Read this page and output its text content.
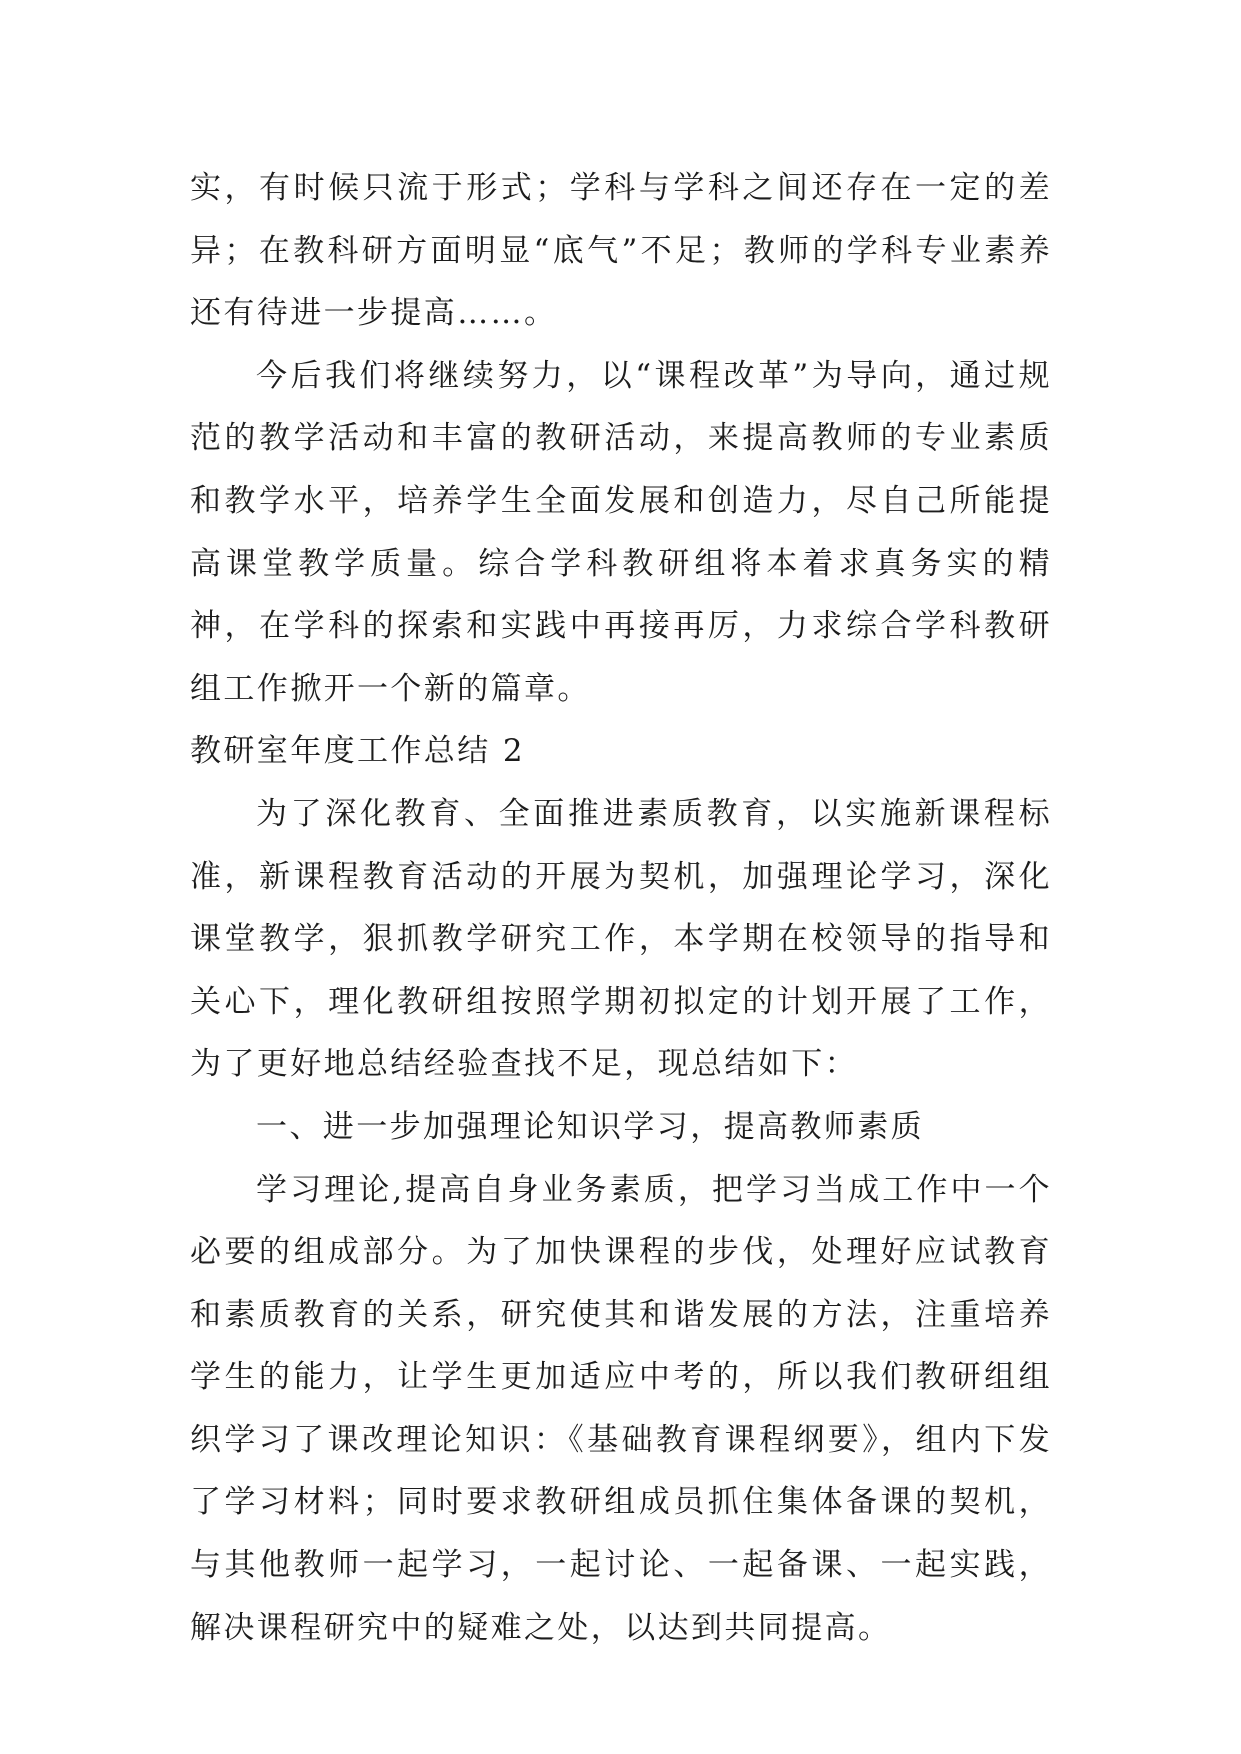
实，有时候只流于形式；学科与学科之间还存在一定的差异；在教科研方面明显“底气”不足；教师的学科专业素养还有待进一步提高……。

今后我们将继续努力，以“课程改革”为导向，通过规范的教学活动和丰富的教研活动，来提高教师的专业素质和教学水平，培养学生全面发展和创造力，尽自己所能提高课堂教学质量。综合学科教研组将本着求真务实的精神，在学科的探索和实践中再接再厉，力求综合学科教研组工作掀开一个新的篇章。

教研室年度工作总结 2

为了深化教育、全面推进素质教育，以实施新课程标准，新课程教育活动的开展为契机，加强理论学习，深化课堂教学，狠抓教学研究工作，本学期在校领导的指导和关心下，理化教研组按照学期初拟定的计划开展了工作，为了更好地总结经验查找不足，现总结如下：

一、进一步加强理论知识学习，提高教师素质

学习理论,提高自身业务素质，把学习当成工作中一个必要的组成部分。为了加快课程的步伐，处理好应试教育和素质教育的关系，研究使其和谐发展的方法，注重培养学生的能力，让学生更加适应中考的，所以我们教研组组织学习了课改理论知识：《基础教育课程纲要》，组内下发了学习材料；同时要求教研组成员抓住集体备课的契机，与其他教师一起学习，一起讨论、一起备课、一起实践，解决课程研究中的疑难之处，以达到共同提高。
